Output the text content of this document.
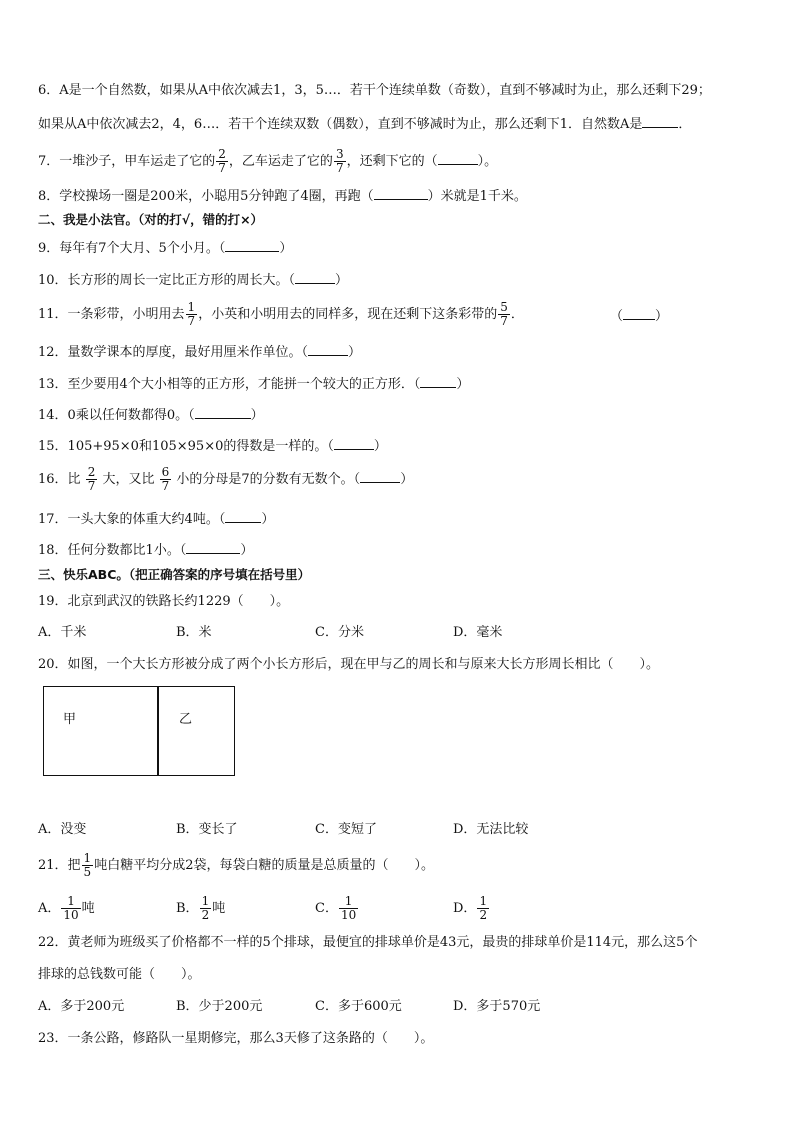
6．A是一个自然数，如果从A中依次减去1，3，5…．若干个连续单数（奇数），直到不够减时为止，那么还剩下29；
如果从A中依次减去2，4，6…．若干个连续双数（偶数），直到不够减时为止，那么还剩下1．自然数A是	．
7．一堆沙子，甲车运走了它的 $\frac{2}{7}$ ，乙车运走了它的 $\frac{3}{7}$ ，还剩下它的（	）。
8．学校操场一圈是200米，小聪用5分钟跑了4圈，再跑（	）米就是1千米。
二、我是小法官。（对的打√，错的打×）
9．每年有7个大月、5个小月。（	）
10．长方形的周长一定比正方形的周长大。（	）
11．一条彩带，小明用去 $\frac{1}{7}$ ，小英和小明用去的同样多，现在还剩下这条彩带的 $\frac{5}{7}$ ．	（ ）
12．量数学课本的厚度，最好用厘米作单位。（	）
13．至少要用4个大小相等的正方形，才能拼一个较大的正方形．（	）
14．0乘以任何数都得0。（	）
15．105+95×0和105×95×0的得数是一样的。（	）
16．比 $\frac{2}{7}$ 大，又比 $\frac{6}{7}$ 小的分母是7的分数有无数个。（	）
17．一头大象的体重大约4吨。（	）
18．任何分数都比1小。（	）
三、快乐ABC。（把正确答案的序号填在括号里）
19．北京到武汉的铁路长约1229（　　）。
A．千米	B．米	C．分米	D．毫米
20．如图，一个大长方形被分成了两个小长方形后，现在甲与乙的周长和与原来大长方形周长相比（　　）。
甲	乙
A．没变	B．变长了	C．变短了	D．无法比较
21．把 $\frac{1}{5}$ 吨白糖平均分成2袋，每袋白糖的质量是总质量的（　　）。
A． $\frac{1}{10}$ 吨	B． $\frac{1}{2}$ 吨	C． $\frac{1}{10}$	D． $\frac{1}{2}$
22．黄老师为班级买了价格都不一样的5个排球，最便宜的排球单价是43元，最贵的排球单价是114元，那么这5个
排球的总钱数可能（　　）。
A．多于200元	B．少于200元	C．多于600元	D．多于570元
23．一条公路，修路队一星期修完，那么3天修了这条路的（　　）。
